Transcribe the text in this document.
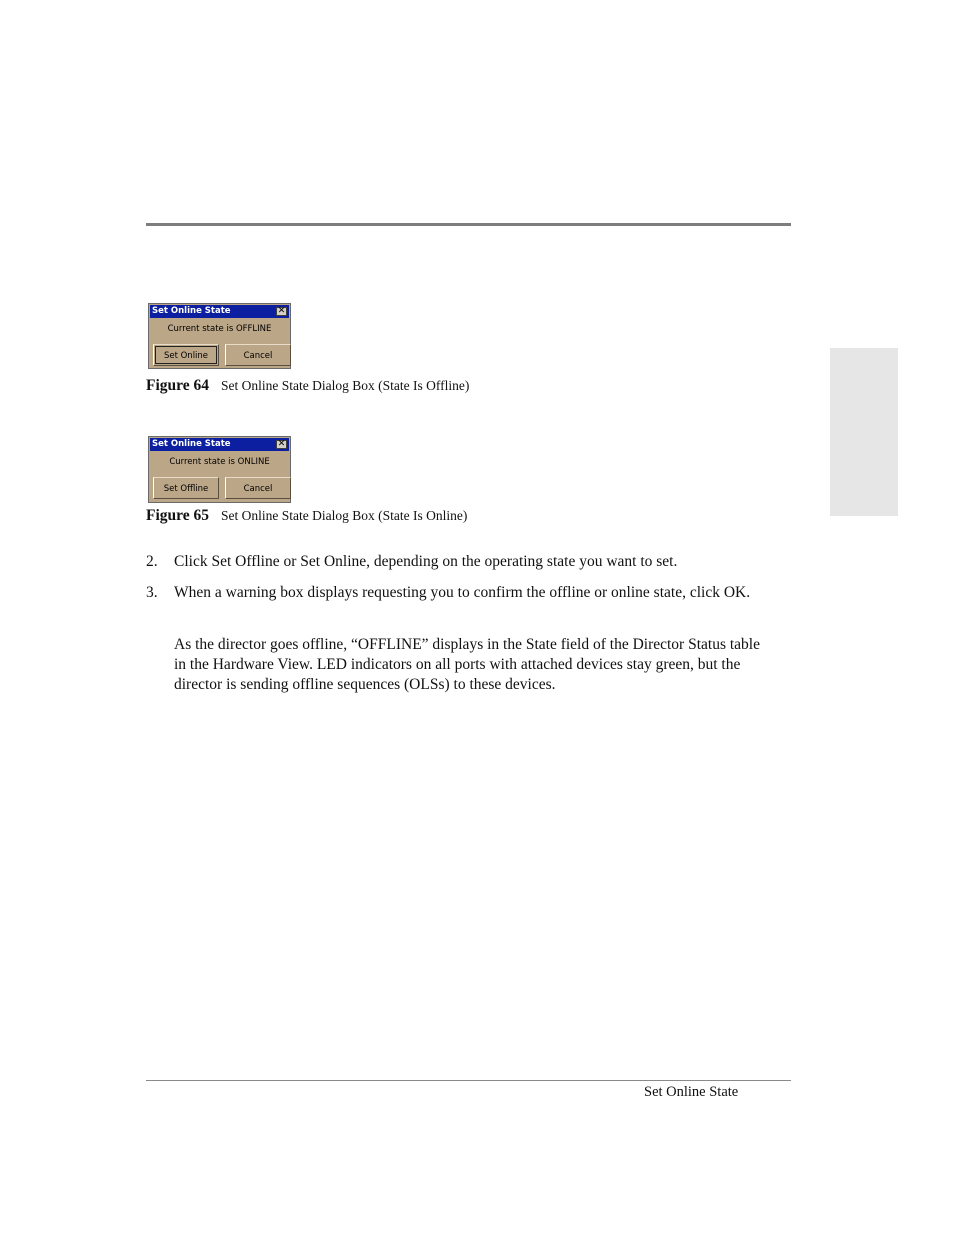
Set Online State	✕
Current state is OFFLINE
Set Online	Cancel
Figure 64 Set Online State Dialog Box (State Is Offline)
Set Online State	✕
Current state is ONLINE
Set Offline	Cancel
Figure 65 Set Online State Dialog Box (State Is Online)
2. Click Set Offline or Set Online, depending on the operating state you want to set.
3. When a warning box displays requesting you to confirm the offline or online state, click OK.
As the director goes offline, “OFFLINE” displays in the State field of the Director Status table in the Hardware View. LED indicators on all ports with attached devices stay green, but the director is sending offline sequences (OLSs) to these devices.
Set Online State
